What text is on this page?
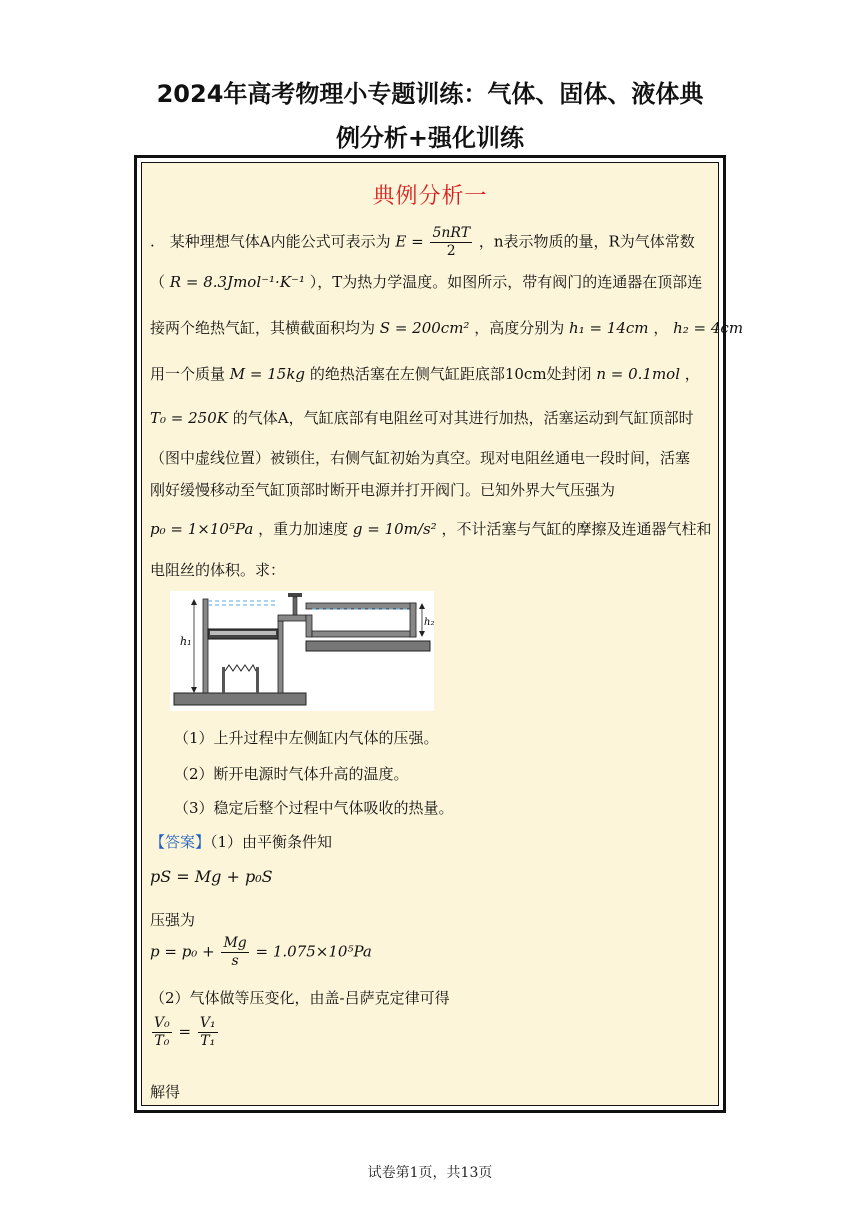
2024年高考物理小专题训练：气体、固体、液体典
例分析+强化训练
典例分析一
.　某种理想气体A内能公式可表示为 $E = \frac{\text{5nRT}}{2}$ ，n表示物质的量，R为气体常数
（ R = 8.3Jmol⁻¹·K⁻¹ ），T为热力学温度。如图所示，带有阀门的连通器在顶部连
接两个绝热气缸，其横截面积均为 S = 200cm² ，高度分别为 h₁ = 14cm ， h₂ = 4cm
用一个质量 M = 15kg 的绝热活塞在左侧气缸距底部10cm处封闭 n = 0.1mol ，
T₀ = 250K 的气体A，气缸底部有电阻丝可对其进行加热，活塞运动到气缸顶部时
（图中虚线位置）被锁住，右侧气缸初始为真空。现对电阻丝通电一段时间，活塞
刚好缓慢移动至气缸顶部时断开电源并打开阀门。已知外界大气压强为
p₀ = 1×10⁵Pa ，重力加速度 g = 10m/s² ，不计活塞与气缸的摩擦及连通器气柱和
电阻丝的体积。求：
h₁
h₂
（1）上升过程中左侧缸内气体的压强。
（2）断开电源时气体升高的温度。
（3）稳定后整个过程中气体吸收的热量。
【答案】（1）由平衡条件知
pS = Mg + p₀S
压强为
$p = p_0 + \frac{Mg}{s} = 1.075\times 10^5Pa$
（2）气体做等压变化，由盖-吕萨克定律可得
$\frac{\text{V₀}}{\text{T₀}} = \frac{\text{V₁}}{\text{T₁}}$
解得
试卷第1页，共13页
